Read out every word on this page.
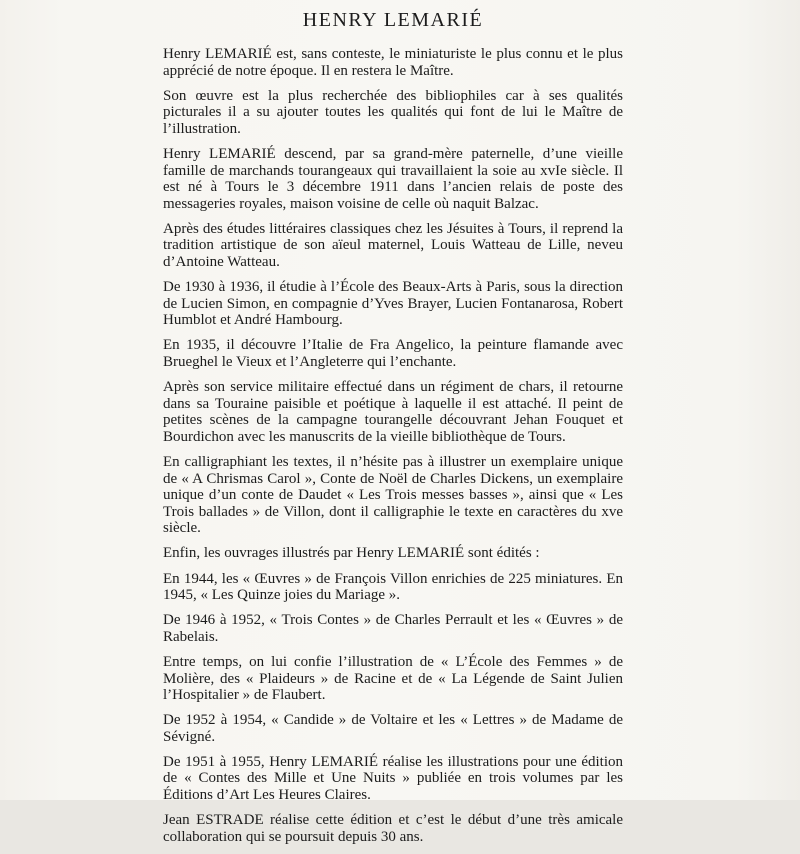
HENRY LEMARIÉ

Henry LEMARIÉ est, sans conteste, le miniaturiste le plus connu et le plus apprécié de notre époque. Il en restera le Maître.

Son œuvre est la plus recherchée des bibliophiles car à ses qualités picturales il a su ajouter toutes les qualités qui font de lui le Maître de l’illustration.

Henry LEMARIÉ descend, par sa grand-mère paternelle, d’une vieille famille de marchands tourangeaux qui travaillaient la soie au xvIe siècle. Il est né à Tours le 3 décembre 1911 dans l’ancien relais de poste des messageries royales, maison voisine de celle où naquit Balzac.

Après des études littéraires classiques chez les Jésuites à Tours, il reprend la tradition artistique de son aïeul maternel, Louis Watteau de Lille, neveu d’Antoine Watteau.

De 1930 à 1936, il étudie à l’École des Beaux-Arts à Paris, sous la direction de Lucien Simon, en compagnie d’Yves Brayer, Lucien Fontanarosa, Robert Humblot et André Hambourg.

En 1935, il découvre l’Italie de Fra Angelico, la peinture flamande avec Brueghel le Vieux et l’Angleterre qui l’enchante.

Après son service militaire effectué dans un régiment de chars, il retourne dans sa Touraine paisible et poétique à laquelle il est attaché. Il peint de petites scènes de la campagne tourangelle découvrant Jehan Fouquet et Bourdichon avec les manuscrits de la vieille bibliothèque de Tours.

En calligraphiant les textes, il n’hésite pas à illustrer un exemplaire unique de « A Chrismas Carol », Conte de Noël de Charles Dickens, un exemplaire unique d’un conte de Daudet « Les Trois messes basses », ainsi que « Les Trois ballades » de Villon, dont il calligraphie le texte en caractères du xve siècle.

Enfin, les ouvrages illustrés par Henry LEMARIÉ sont édités :

En 1944, les « Œuvres » de François Villon enrichies de 225 miniatures. En 1945, « Les Quinze joies du Mariage ».

De 1946 à 1952, « Trois Contes » de Charles Perrault et les « Œuvres » de Rabelais.

Entre temps, on lui confie l’illustration de « L’École des Femmes » de Molière, des « Plaideurs » de Racine et de « La Légende de Saint Julien l’Hospitalier » de Flaubert.

De 1952 à 1954, « Candide » de Voltaire et les « Lettres » de Madame de Sévigné.

De 1951 à 1955, Henry LEMARIÉ réalise les illustrations pour une édition de « Contes des Mille et Une Nuits » publiée en trois volumes par les Éditions d’Art Les Heures Claires.

Jean ESTRADE réalise cette édition et c’est le début d’une très amicale collaboration qui se poursuit depuis 30 ans.
